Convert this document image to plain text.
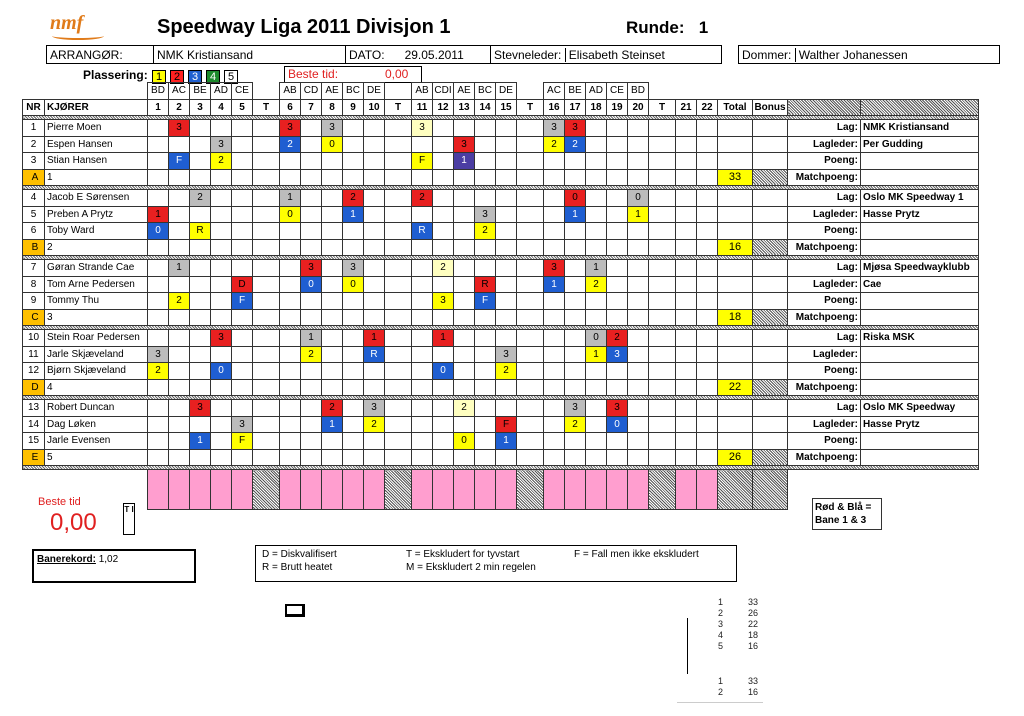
nmf	Speedway Liga 2011 Divisjon 1	Runde: 1
ARRANGØR:	NMK Kristiansand	DATO: 29.05.2011	Stevneleder: Elisabeth Steinset	Dommer: Walther Johanessen
Plassering: 1 2 3 4 5	Beste tid:	0,00
		BD	AC	BE	AD	CE		AB	CD	AE	BC	DE		AB	CDI	AE	BC	DE		AC	BE	AD	CE	BD							
NR	KJØRER	1	2	3	4	5	T	6	7	8	9	10	T	11	12	13	14	15	T	16	17	18	19	20	T	21	22	Total	Bonus		

1	Pierre Moen		3					3		3				3						3	3									Lag:	NMK Kristiansand
2	Espen Hansen				3			2		0						3				2	2									Lagleder:	Per Gudding
3	Stian Hansen		F		2									F		1														Poeng:	
A	1																											33		Matchpoeng:	

4	Jacob E Sørensen			2				1			2			2							0			0						Lag:	Oslo MK Speedway 1
5	Preben A Prytz	1						0			1						3				1			1						Lagleder:	Hasse Prytz
6	Toby Ward	0		R										R			2													Poeng:	
B	2																											16		Matchpoeng:	

7	Gøran Strande Cae		1						3		3				2					3		1								Lag:	Mjøsa Speedwayklubb
8	Tom Arne Pedersen					D			0		0						R			1		2								Lagleder:	Cae
9	Tommy Thu		2			F									3		F													Poeng:	
C	3																											18		Matchpoeng:	

10	Stein Roar Pedersen				3				1			1			1							0	2							Lag:	Riska MSK
11	Jarle Skjæveland	3							2			R						3				1	3							Lagleder:	
12	Bjørn Skjæveland	2			0										0			2												Poeng:	
D	4																											22		Matchpoeng:	

13	Robert Duncan			3						2		3				2					3		3							Lag:	Oslo MK Speedway
14	Dag Løken					3				1		2						F			2		0							Lagleder:	Hasse Prytz
15	Jarle Evensen			1		F										0		1												Poeng:	
E	5																											26		Matchpoeng:	

Beste tid
0,00	T I	Rød & Blå = Bane 1 & 3
Banerekord: 1,02	D = Diskvalifisert	T = Ekskludert for tyvstart	F = Fall men ikke ekskludert
R = Brutt heatet	M = Ekskludert 2 min regelen
1	33
2	26
3	22
4	18
5	16
1	33
2	16
